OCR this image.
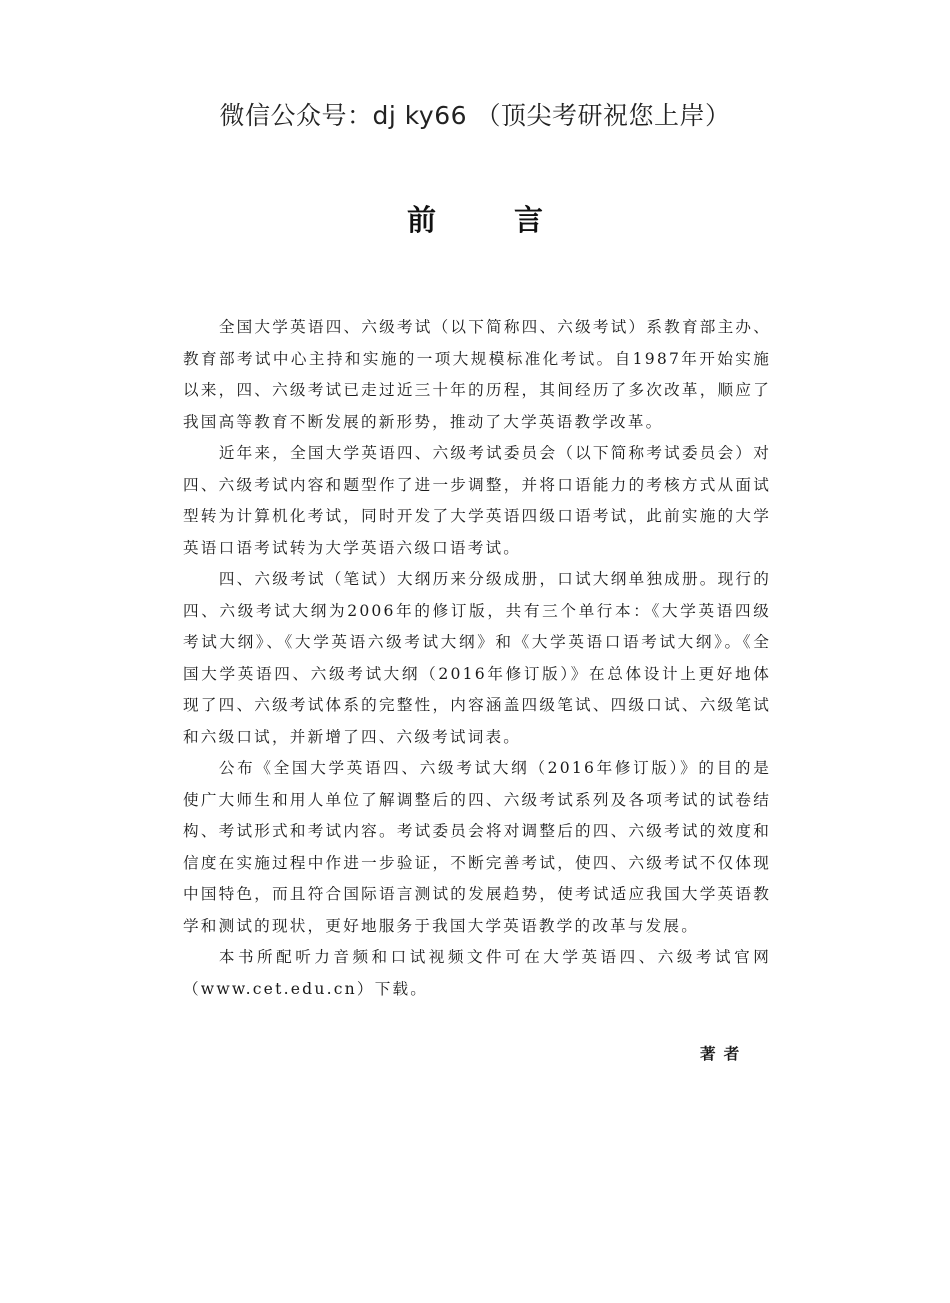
微信公众号：dj ky66 （顶尖考研祝您上岸）
前言

全国大学英语四、六级考试（以下简称四、六级考试）系教育部主办、教育部考试中心主持和实施的一项大规模标准化考试。自1987年开始实施以来，四、六级考试已走过近三十年的历程，其间经历了多次改革，顺应了我国高等教育不断发展的新形势，推动了大学英语教学改革。

近年来，全国大学英语四、六级考试委员会（以下简称考试委员会）对四、六级考试内容和题型作了进一步调整，并将口语能力的考核方式从面试型转为计算机化考试，同时开发了大学英语四级口语考试，此前实施的大学英语口语考试转为大学英语六级口语考试。

四、六级考试（笔试）大纲历来分级成册，口试大纲单独成册。现行的四、六级考试大纲为2006年的修订版，共有三个单行本：《大学英语四级考试大纲》、《大学英语六级考试大纲》和《大学英语口语考试大纲》。《全国大学英语四、六级考试大纲（2016年修订版）》在总体设计上更好地体现了四、六级考试体系的完整性，内容涵盖四级笔试、四级口试、六级笔试和六级口试，并新增了四、六级考试词表。

公布《全国大学英语四、六级考试大纲（2016年修订版）》的目的是使广大师生和用人单位了解调整后的四、六级考试系列及各项考试的试卷结构、考试形式和考试内容。考试委员会将对调整后的四、六级考试的效度和信度在实施过程中作进一步验证，不断完善考试，使四、六级考试不仅体现中国特色，而且符合国际语言测试的发展趋势，使考试适应我国大学英语教学和测试的现状，更好地服务于我国大学英语教学的改革与发展。

本书所配听力音频和口试视频文件可在大学英语四、六级考试官网（www.cet.edu.cn）下载。

著者
